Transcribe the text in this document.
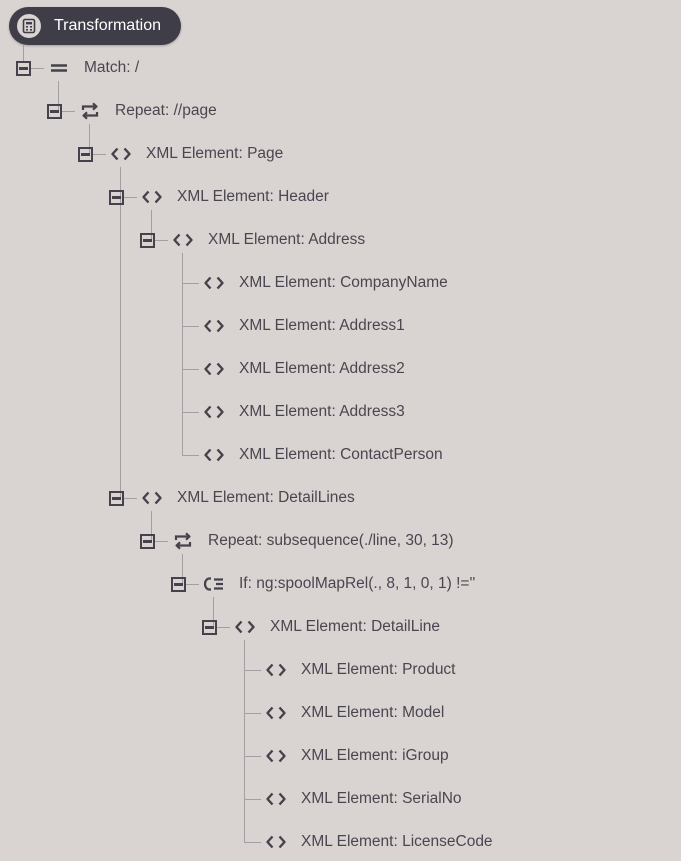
Transformation
Match: /
Repeat: //page
XML Element: Page
XML Element: Header
XML Element: Address
XML Element: CompanyName
XML Element: Address1
XML Element: Address2
XML Element: Address3
XML Element: ContactPerson
XML Element: DetailLines
Repeat: subsequence(./line, 30, 13)
If: ng:spoolMapRel(., 8, 1, 0, 1) !=''
XML Element: DetailLine
XML Element: Product
XML Element: Model
XML Element: iGroup
XML Element: SerialNo
XML Element: LicenseCode
